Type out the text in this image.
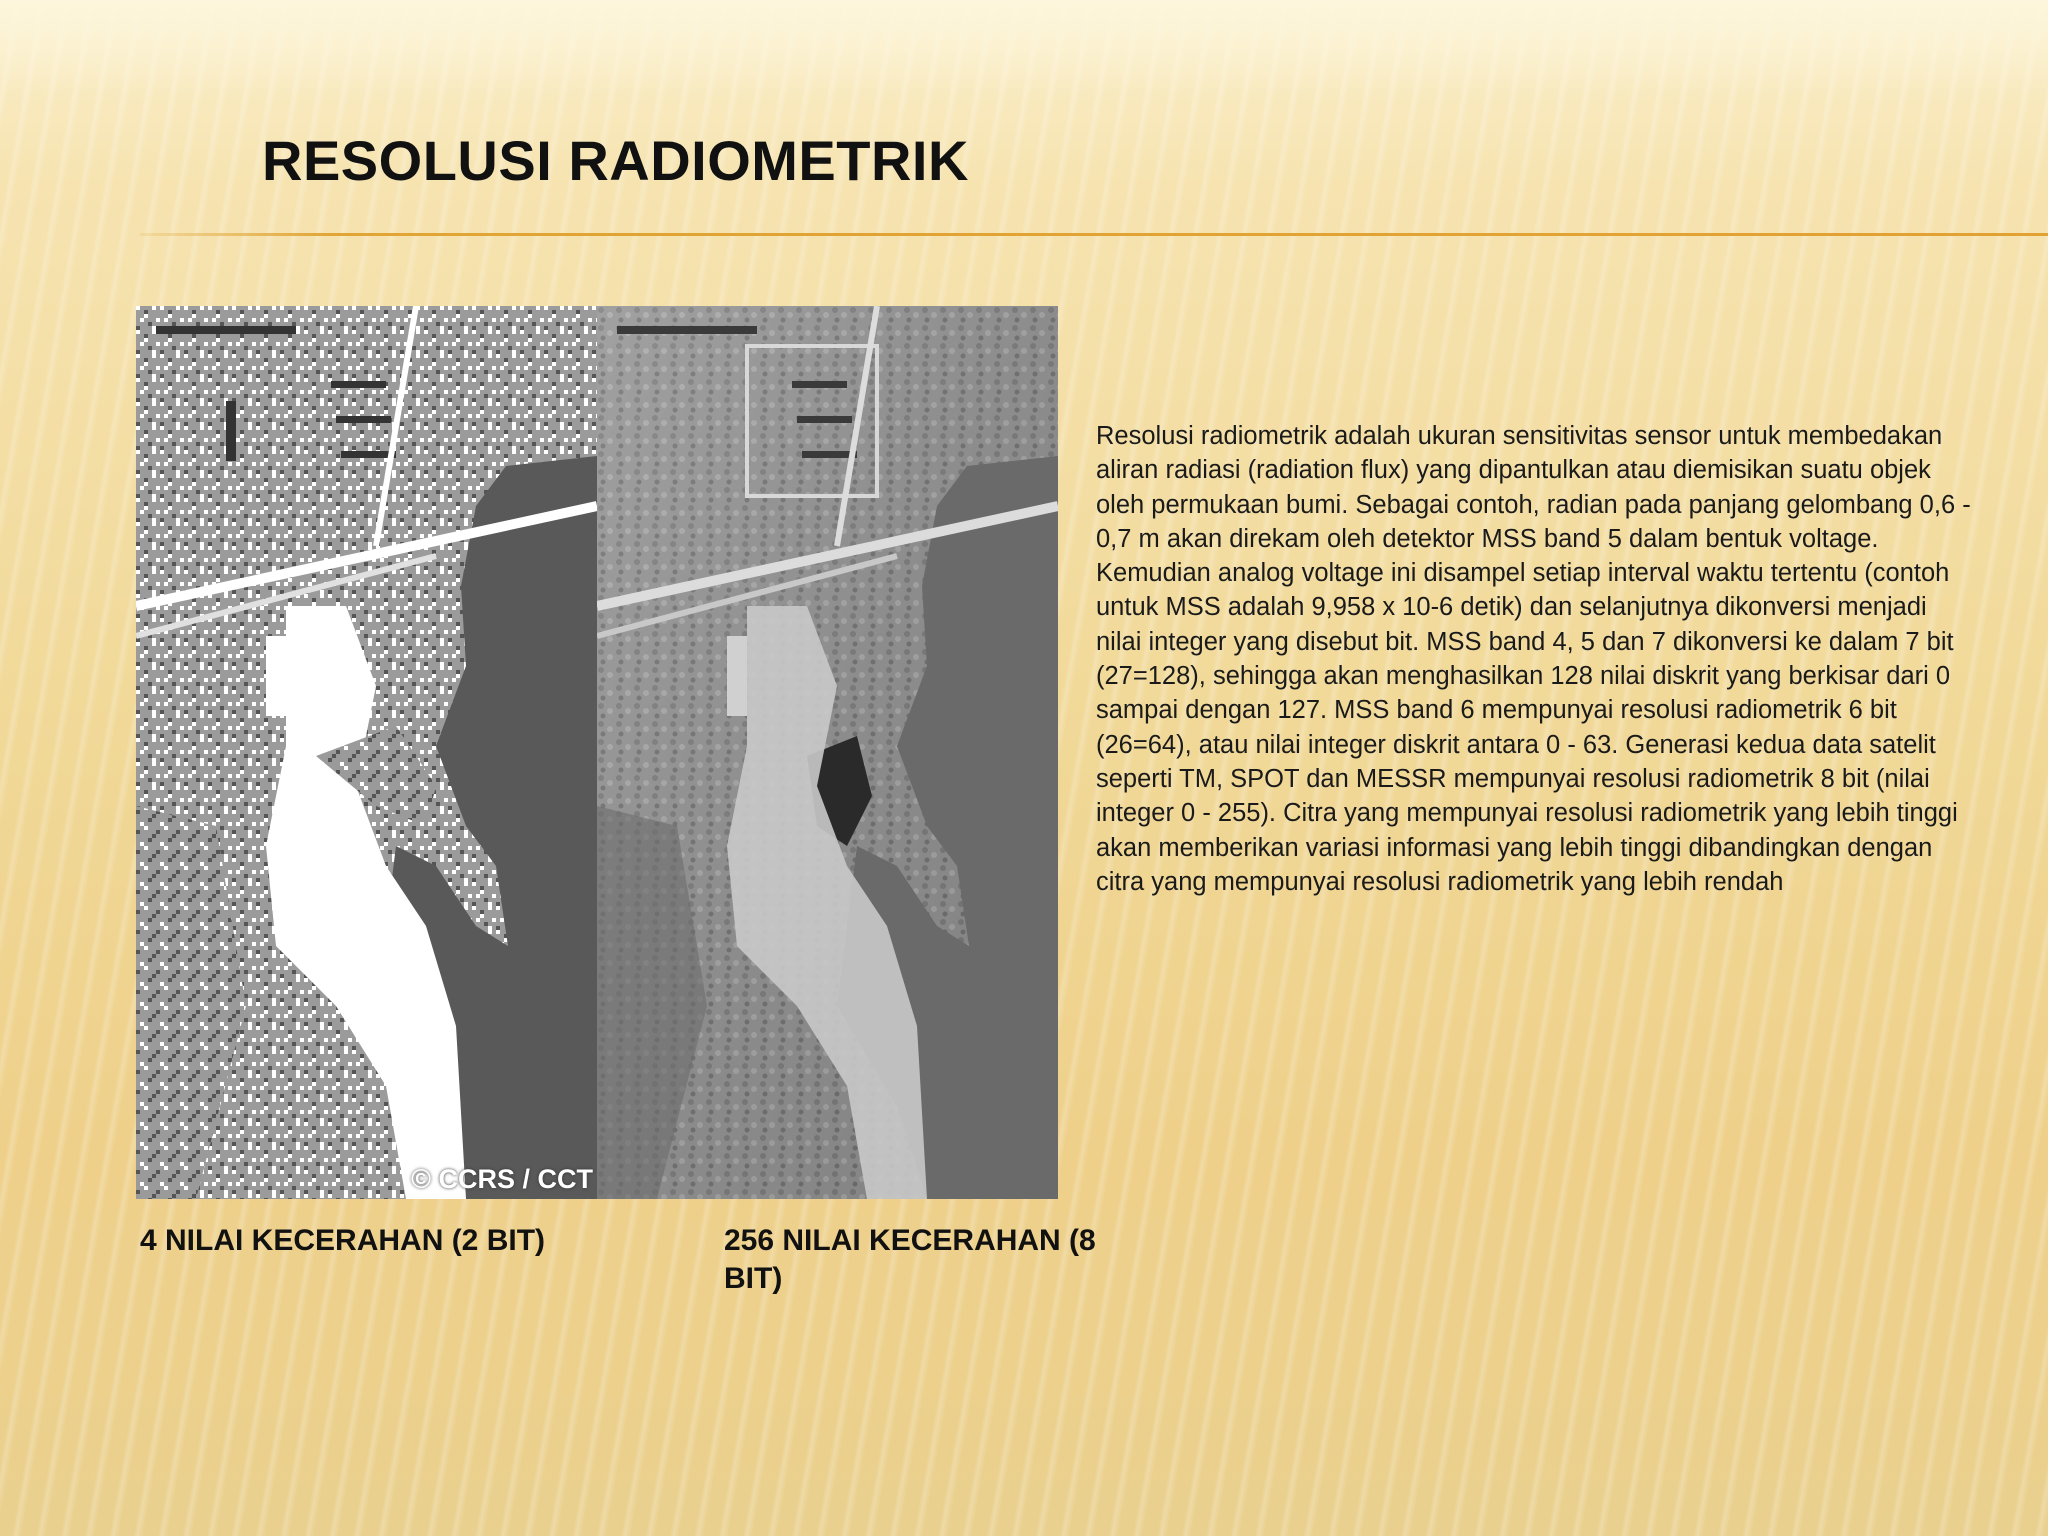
RESOLUSI RADIOMETRIK
© CCRS / CCT

Resolusi radiometrik adalah ukuran sensitivitas sensor untuk membedakan aliran radiasi (radiation flux) yang dipantulkan atau diemisikan suatu objek oleh permukaan bumi. Sebagai contoh, radian pada panjang gelombang 0,6 - 0,7 m akan direkam oleh detektor MSS band 5 dalam bentuk voltage. Kemudian analog voltage ini disampel setiap interval waktu tertentu (contoh untuk MSS adalah 9,958 x 10-6 detik) dan selanjutnya dikonversi menjadi nilai integer yang disebut bit. MSS band 4, 5 dan 7 dikonversi ke dalam 7 bit (27=128), sehingga akan menghasilkan 128 nilai diskrit yang berkisar dari 0 sampai dengan 127. MSS band 6 mempunyai resolusi radiometrik 6 bit (26=64), atau nilai integer diskrit antara 0 - 63. Generasi kedua data satelit seperti TM, SPOT dan MESSR mempunyai resolusi radiometrik 8 bit (nilai integer 0 - 255). Citra yang mempunyai resolusi radiometrik yang lebih tinggi akan memberikan variasi informasi yang lebih tinggi dibandingkan dengan citra yang mempunyai resolusi radiometrik yang lebih rendah

4 NILAI KECERAHAN (2 BIT)	256 NILAI KECERAHAN (8 BIT)
